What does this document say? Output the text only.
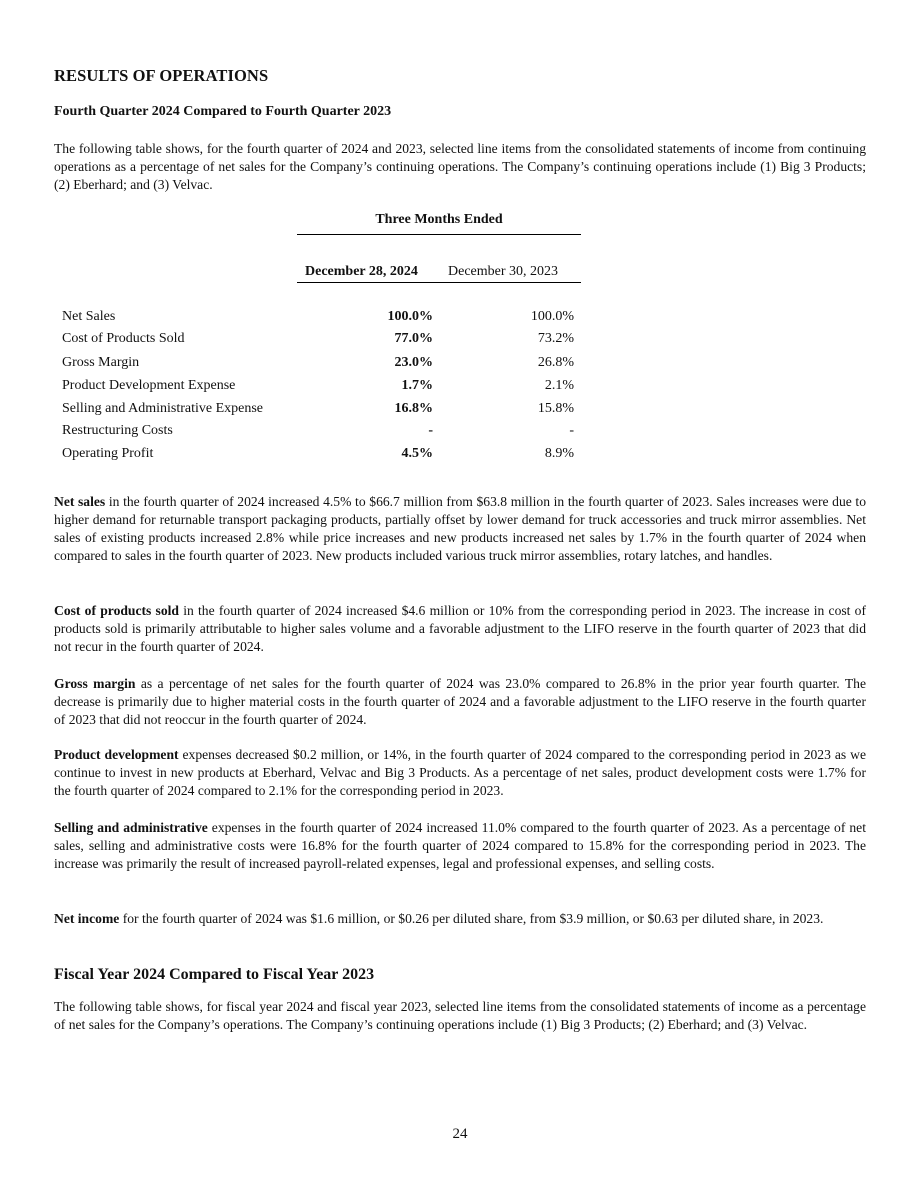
RESULTS OF OPERATIONS
Fourth Quarter 2024 Compared to Fourth Quarter 2023
The following table shows, for the fourth quarter of 2024 and 2023, selected line items from the consolidated statements of income from continuing operations as a percentage of net sales for the Company’s continuing operations. The Company’s continuing operations include (1) Big 3 Products; (2) Eberhard; and (3) Velvac.
Three Months Ended
December 28, 2024 December 30, 2023
Net Sales	100.0%	100.0%
Cost of Products Sold	77.0%	73.2%
Gross Margin	23.0%	26.8%
Product Development Expense	1.7%	2.1%
Selling and Administrative Expense	16.8%	15.8%
Restructuring Costs	-	-
Operating Profit	4.5%	8.9%
Net sales in the fourth quarter of 2024 increased 4.5% to $66.7 million from $63.8 million in the fourth quarter of 2023. Sales increases were due to higher demand for returnable transport packaging products, partially offset by lower demand for truck accessories and truck mirror assemblies. Net sales of existing products increased 2.8% while price increases and new products increased net sales by 1.7% in the fourth quarter of 2024 when compared to sales in the fourth quarter of 2023. New products included various truck mirror assemblies, rotary latches, and handles.
Cost of products sold in the fourth quarter of 2024 increased $4.6 million or 10% from the corresponding period in 2023. The increase in cost of products sold is primarily attributable to higher sales volume and a favorable adjustment to the LIFO reserve in the fourth quarter of 2023 that did not recur in the fourth quarter of 2024.
Gross margin as a percentage of net sales for the fourth quarter of 2024 was 23.0% compared to 26.8% in the prior year fourth quarter. The decrease is primarily due to higher material costs in the fourth quarter of 2024 and a favorable adjustment to the LIFO reserve in the fourth quarter of 2023 that did not reoccur in the fourth quarter of 2024.
Product development expenses decreased $0.2 million, or 14%, in the fourth quarter of 2024 compared to the corresponding period in 2023 as we continue to invest in new products at Eberhard, Velvac and Big 3 Products. As a percentage of net sales, product development costs were 1.7% for the fourth quarter of 2024 compared to 2.1% for the corresponding period in 2023.
Selling and administrative expenses in the fourth quarter of 2024 increased 11.0% compared to the fourth quarter of 2023. As a percentage of net sales, selling and administrative costs were 16.8% for the fourth quarter of 2024 compared to 15.8% for the corresponding period in 2023. The increase was primarily the result of increased payroll-related expenses, legal and professional expenses, and selling costs.
Net income for the fourth quarter of 2024 was $1.6 million, or $0.26 per diluted share, from $3.9 million, or $0.63 per diluted share, in 2023.
Fiscal Year 2024 Compared to Fiscal Year 2023
The following table shows, for fiscal year 2024 and fiscal year 2023, selected line items from the consolidated statements of income as a percentage of net sales for the Company’s operations. The Company’s continuing operations include (1) Big 3 Products; (2) Eberhard; and (3) Velvac.
24
